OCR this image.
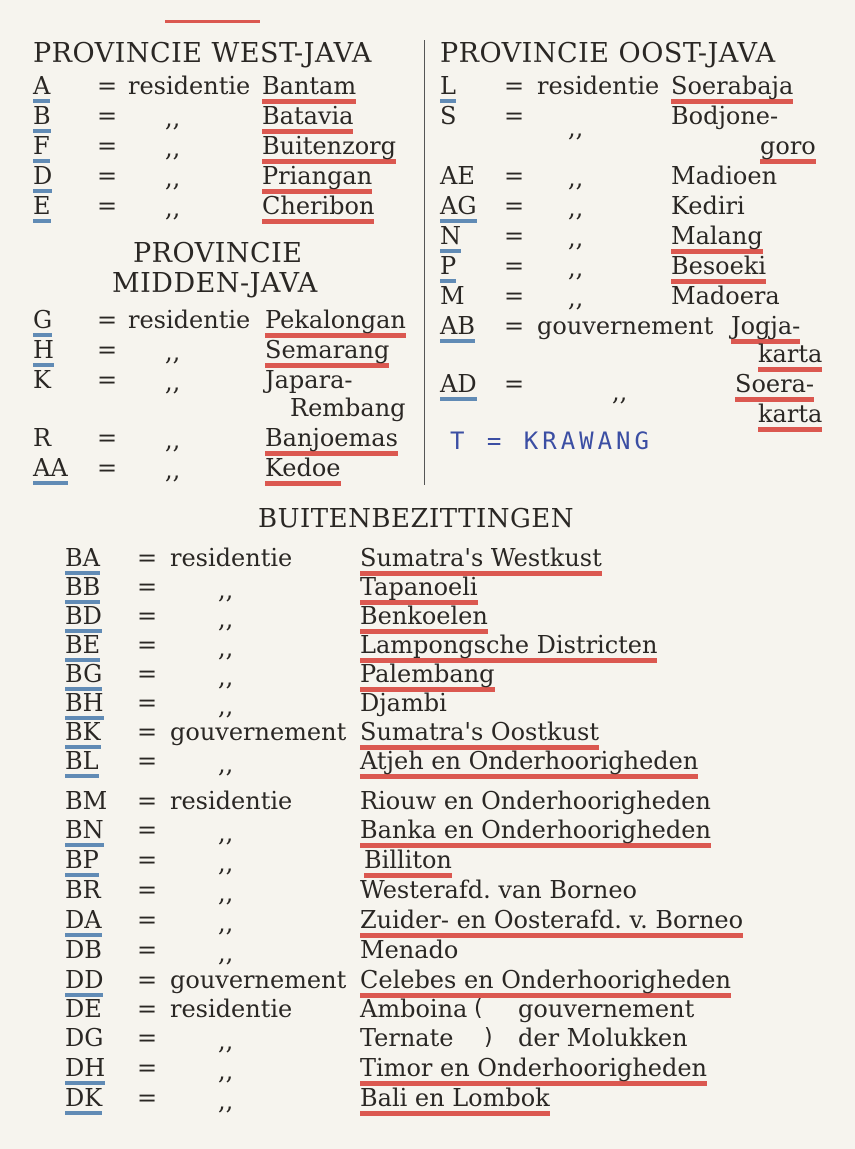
PROVINCIE WEST-JAVA
A = residentie Bantam
B = ,,	Batavia
F = ,,	Buitenzorg
D = ,,	Priangan
E = ,,	Cheribon
PROVINCIE
MIDDEN-JAVA
G = residentie Pekalongan
H = ,,	Semarang
K = ,,	Japara-
Rembang
R = ,,	Banjoemas
AA = ,,	Kedoe
PROVINCIE OOST-JAVA
L = residentie Soerabaja
S = ,,	Bodjone-
goro
AE = ,,	Madioen
AG = ,,	Kediri
N = ,,	Malang
P = ,,	Besoeki
M = ,,	Madoera
AB = gouvernement Jogja-
karta
AD =	,,	Soera-
karta
T = KRAWANG
BUITENBEZITTINGEN
BA = residentie	Sumatra's Westkust
BB =	,,	Tapanoeli
BD =	,,	Benkoelen
BE =	,,	Lampongsche Districten
BG =	,,	Palembang
BH =	,,	Djambi
BK = gouvernement Sumatra's Oostkust
BL =	,,	Atjeh en Onderhoorigheden
BM = residentie	Riouw en Onderhoorigheden
BN =	,,	Banka en Onderhoorigheden
BP =	,,	Billiton
BR =	,,	Westerafd. van Borneo
DA =	,,	Zuider- en Oosterafd. v. Borneo
DB =	,,	Menado
DD = gouvernement Celebes en Onderhoorigheden
DE = residentie	Amboina ( gouvernement
DG =	,,	Ternate ) der Molukken
DH =	,,	Timor en Onderhoorigheden
DK =	,,	Bali en Lombok
